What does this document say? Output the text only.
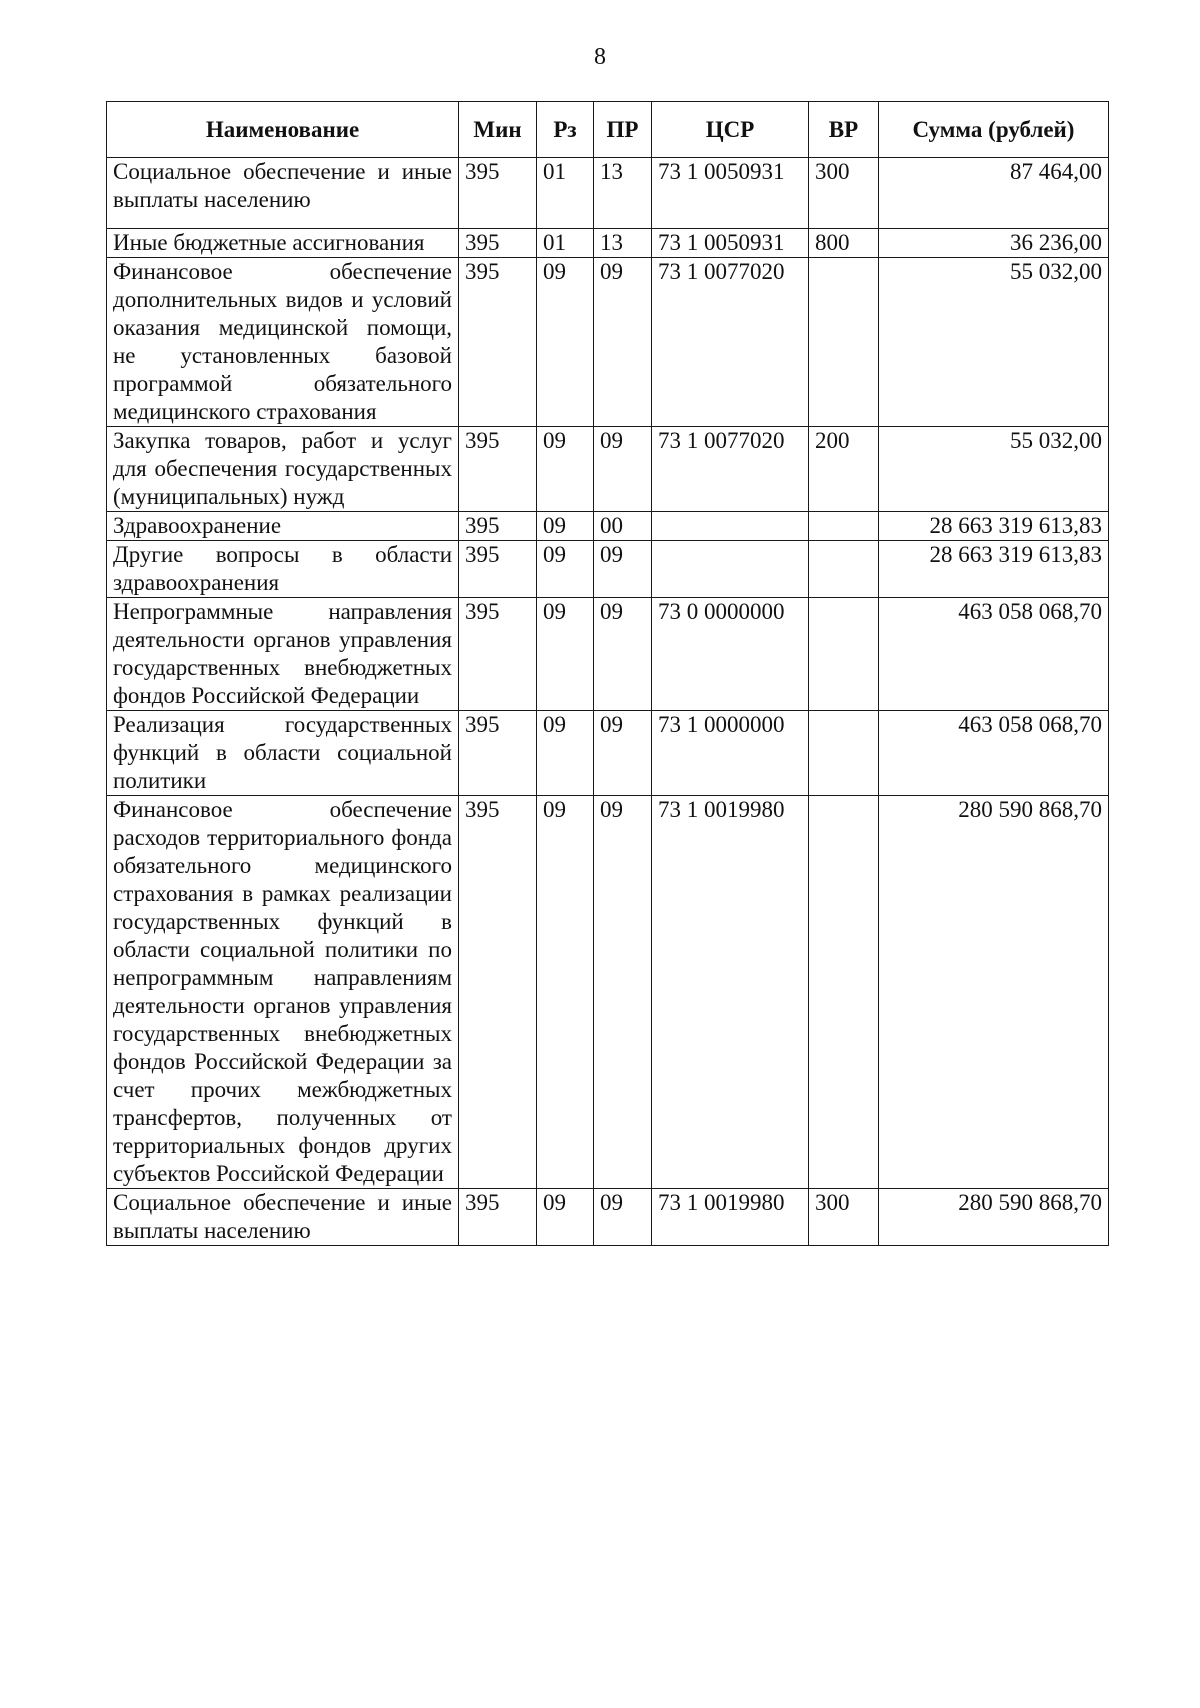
8
Наименование	Мин	Рз	ПР	ЦСР	ВР	Сумма (рублей)
Социальное обеспечение и иные выплаты населению	395	01	13	73 1 0050931	300	87 464,00
Иные бюджетные ассигнования	395	01	13	73 1 0050931	800	36 236,00
Финансовое обеспечение дополнительных видов и условий оказания медицинской помощи, не установленных базовой программой обязательного медицинского страхования	395	09	09	73 1 0077020		55 032,00
Закупка товаров, работ и услуг для обеспечения государственных (муниципальных) нужд	395	09	09	73 1 0077020	200	55 032,00
Здравоохранение	395	09	00			28 663 319 613,83
Другие вопросы в области здравоохранения	395	09	09			28 663 319 613,83
Непрограммные направления деятельности органов управления государственных внебюджетных фондов Российской Федерации	395	09	09	73 0 0000000		463 058 068,70
Реализация государственных функций в области социальной политики	395	09	09	73 1 0000000		463 058 068,70
Финансовое обеспечение расходов территориального фонда обязательного медицинского страхования в рамках реализации государственных функций в области социальной политики по непрограммным направлениям деятельности органов управления государственных внебюджетных фондов Российской Федерации за счет прочих межбюджетных трансфертов, полученных от территориальных фондов других субъектов Российской Федерации	395	09	09	73 1 0019980		280 590 868,70
Социальное обеспечение и иные выплаты населению	395	09	09	73 1 0019980	300	280 590 868,70
